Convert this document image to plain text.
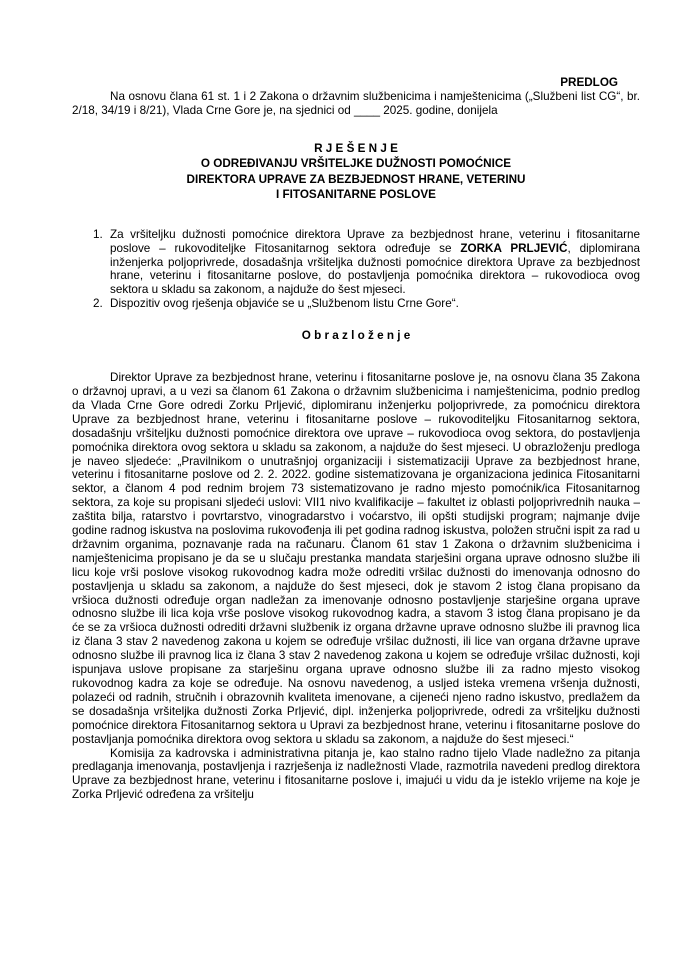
PREDLOG

Na osnovu člana 61 st. 1 i 2 Zakona o državnim službenicima i namještenicima („Službeni list CG“, br. 2/18, 34/19 i 8/21), Vlada Crne Gore je, na sjednici od ____ 2025. godine, donijela

R J E Š E N J E
O ODREĐIVANJU VRŠITELJKE DUŽNOSTI POMOĆNICE
DIREKTORA UPRAVE ZA BEZBJEDNOST HRANE, VETERINU
I FITOSANITARNE POSLOVE
1. Za vršiteljku dužnosti pomoćnice direktora Uprave za bezbjednost hrane, veterinu i fitosanitarne poslove – rukovoditeljke Fitosanitarnog sektora određuje se ZORKA PRLJEVIĆ, diplomirana inženjerka poljoprivrede, dosadašnja vršiteljka dužnosti pomoćnice direktora Uprave za bezbjednost hrane, veterinu i fitosanitarne poslove, do postavljenja pomoćnika direktora – rukovodioca ovog sektora u skladu sa zakonom, a najduže do šest mjeseci.
2. Dispozitiv ovog rješenja objaviće se u „Službenom listu Crne Gore“.
O b r a z l o ž e n j e

Direktor Uprave za bezbjednost hrane, veterinu i fitosanitarne poslove je, na osnovu člana 35 Zakona o državnoj upravi, a u vezi sa članom 61 Zakona o državnim službenicima i namještenicima, podnio predlog da Vlada Crne Gore odredi Zorku Prljević, diplomiranu inženjerku poljoprivrede, za pomoćnicu direktora Uprave za bezbjednost hrane, veterinu i fitosanitarne poslove – rukovoditeljku Fitosanitarnog sektora, dosadašnju vršiteljku dužnosti pomoćnice direktora ove uprave – rukovodioca ovog sektora, do postavljenja pomoćnika direktora ovog sektora u skladu sa zakonom, a najduže do šest mjeseci. U obrazloženju predloga je naveo sljedeće: „Pravilnikom o unutrašnjoj organizaciji i sistematizaciji Uprave za bezbjednost hrane, veterinu i fitosanitarne poslove od 2. 2. 2022. godine sistematizovana je organizaciona jedinica Fitosanitarni sektor, a članom 4 pod rednim brojem 73 sistematizovano je radno mjesto pomoćnik/ica Fitosanitarnog sektora, za koje su propisani sljedeći uslovi: VII1 nivo kvalifikacije – fakultet iz oblasti poljoprivrednih nauka – zaštita bilja, ratarstvo i povrtarstvo, vinogradarstvo i voćarstvo, ili opšti studijski program; najmanje dvije godine radnog iskustva na poslovima rukovođenja ili pet godina radnog iskustva, položen stručni ispit za rad u državnim organima, poznavanje rada na računaru. Članom 61 stav 1 Zakona o državnim službenicima i namještenicima propisano je da se u slučaju prestanka mandata starješini organa uprave odnosno službe ili licu koje vrši poslove visokog rukovodnog kadra može odrediti vršilac dužnosti do imenovanja odnosno do postavljenja u skladu sa zakonom, a najduže do šest mjeseci, dok je stavom 2 istog člana propisano da vršioca dužnosti određuje organ nadležan za imenovanje odnosno postavljenje starješine organa uprave odnosno službe ili lica koja vrše poslove visokog rukovodnog kadra, a stavom 3 istog člana propisano je da će se za vršioca dužnosti odrediti državni službenik iz organa državne uprave odnosno službe ili pravnog lica iz člana 3 stav 2 navedenog zakona u kojem se određuje vršilac dužnosti, ili lice van organa državne uprave odnosno službe ili pravnog lica iz člana 3 stav 2 navedenog zakona u kojem se određuje vršilac dužnosti, koji ispunjava uslove propisane za starješinu organa uprave odnosno službe ili za radno mjesto visokog rukovodnog kadra za koje se određuje. Na osnovu navedenog, a usljed isteka vremena vršenja dužnosti, polazeći od radnih, stručnih i obrazovnih kvaliteta imenovane, a cijeneći njeno radno iskustvo, predlažem da se dosadašnja vršiteljka dužnosti Zorka Prljević, dipl. inženjerka poljoprivrede, odredi za vršiteljku dužnosti pomoćnice direktora Fitosanitarnog sektora u Upravi za bezbjednost hrane, veterinu i fitosanitarne poslove do postavljanja pomoćnika direktora ovog sektora u skladu sa zakonom, a najduže do šest mjeseci.“

Komisija za kadrovska i administrativna pitanja je, kao stalno radno tijelo Vlade nadležno za pitanja predlaganja imenovanja, postavljenja i razrješenja iz nadležnosti Vlade, razmotrila navedeni predlog direktora Uprave za bezbjednost hrane, veterinu i fitosanitarne poslove i, imajući u vidu da je isteklo vrijeme na koje je Zorka Prljević određena za vršitelju
